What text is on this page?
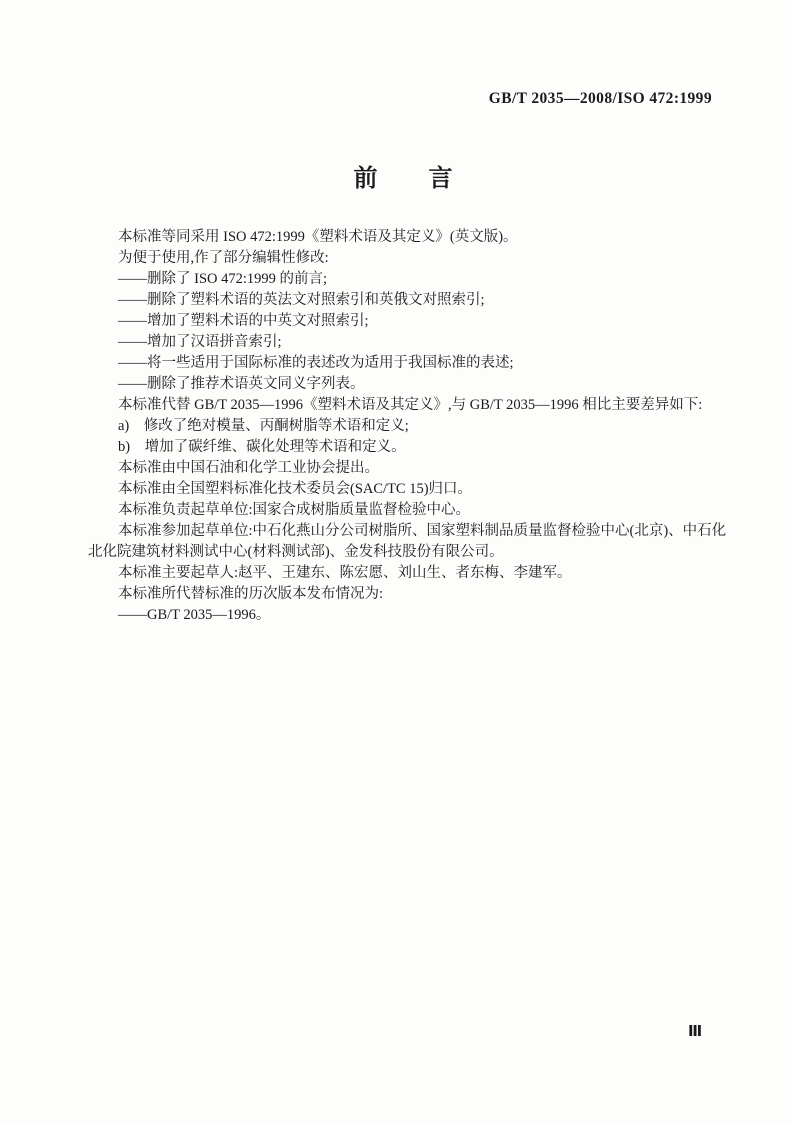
GB/T 2035—2008/ISO 472:1999
前　　言
本标准等同采用 ISO 472:1999《塑料术语及其定义》(英文版)。
为便于使用,作了部分编辑性修改:
——删除了 ISO 472:1999 的前言;
——删除了塑料术语的英法文对照索引和英俄文对照索引;
——增加了塑料术语的中英文对照索引;
——增加了汉语拼音索引;
——将一些适用于国际标准的表述改为适用于我国标准的表述;
——删除了推荐术语英文同义字列表。
本标准代替 GB/T 2035—1996《塑料术语及其定义》,与 GB/T 2035—1996 相比主要差异如下:
a)　修改了绝对模量、丙酮树脂等术语和定义;
b)　增加了碳纤维、碳化处理等术语和定义。
本标准由中国石油和化学工业协会提出。
本标准由全国塑料标准化技术委员会(SAC/TC 15)归口。
本标准负责起草单位:国家合成树脂质量监督检验中心。
本标准参加起草单位:中石化燕山分公司树脂所、国家塑料制品质量监督检验中心(北京)、中石化
北化院建筑材料测试中心(材料测试部)、金发科技股份有限公司。
本标准主要起草人:赵平、王建东、陈宏愿、刘山生、者东梅、李建军。
本标准所代替标准的历次版本发布情况为:
——GB/T 2035—1996。
Ⅲ
